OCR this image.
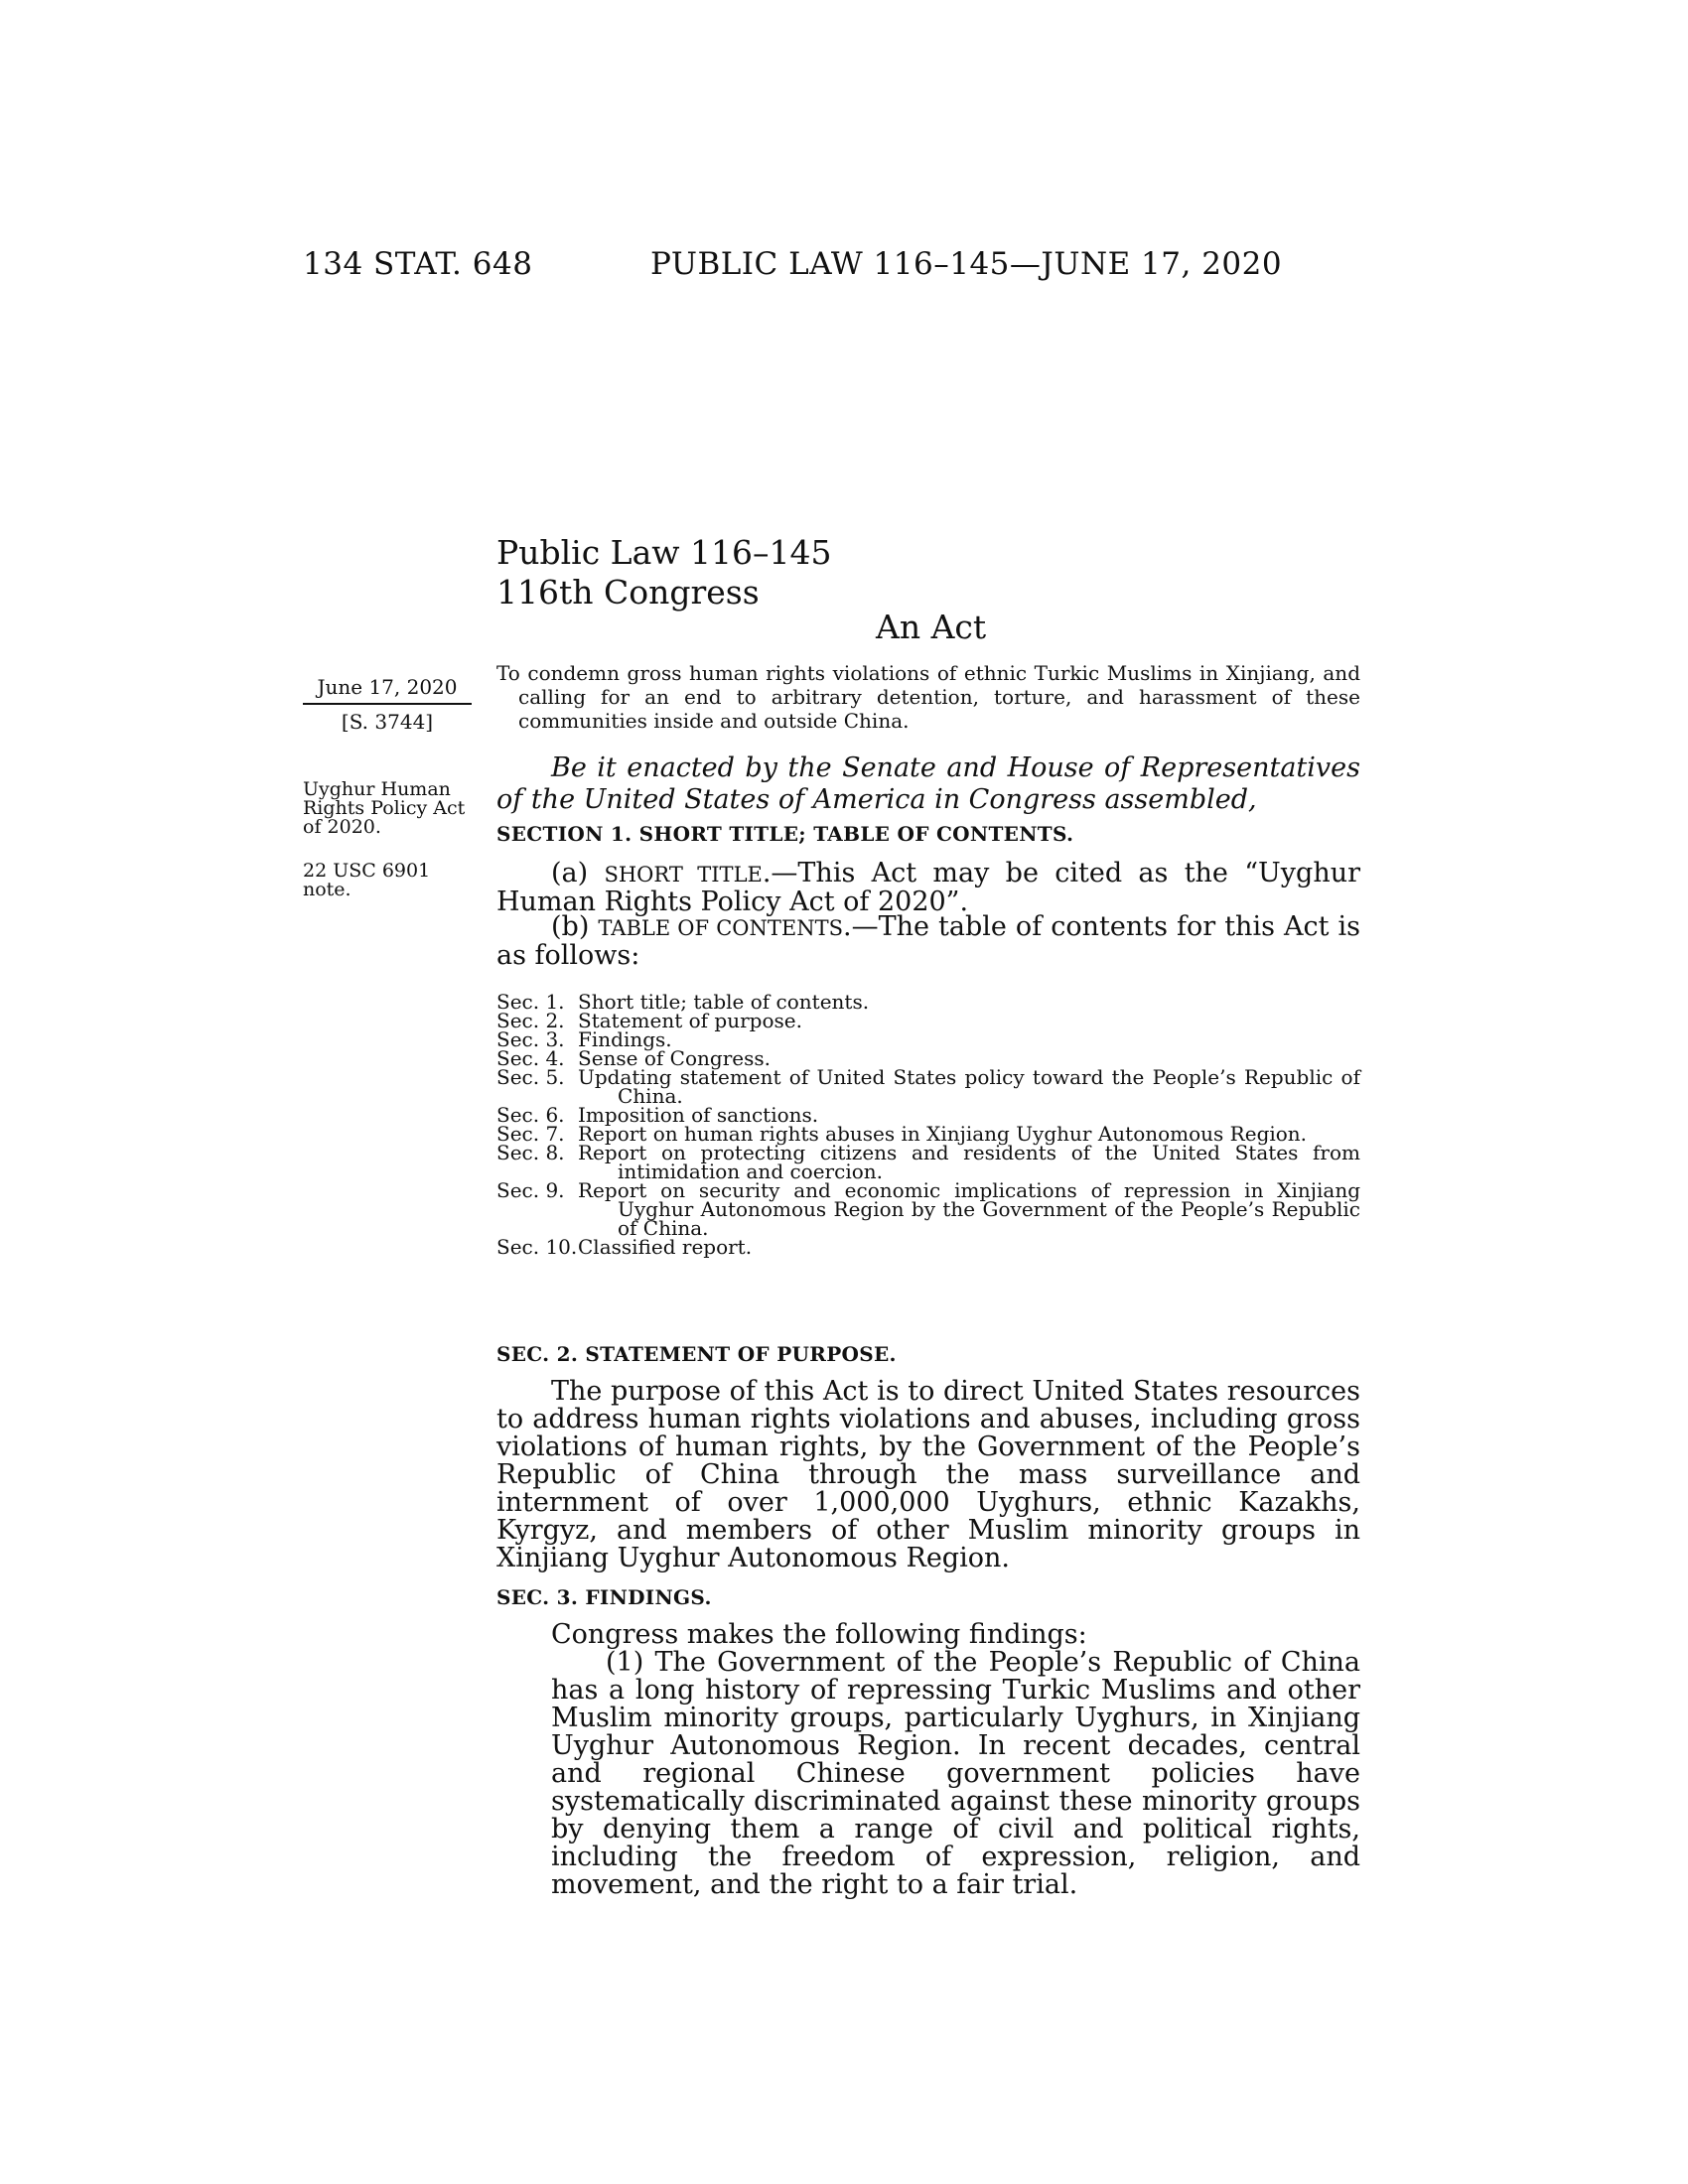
134 STAT. 648	PUBLIC LAW 116–145—JUNE 17, 2020
Public Law 116–145
116th Congress
An Act
June 17, 2020
[S. 3744]
Uyghur Human Rights Policy Act of 2020.
22 USC 6901 note.
To condemn gross human rights violations of ethnic Turkic Muslims in Xinjiang, and calling for an end to arbitrary detention, torture, and harassment of these communities inside and outside China.
Be it enacted by the Senate and House of Representatives of the United States of America in Congress assembled,
SECTION 1. SHORT TITLE; TABLE OF CONTENTS.
(a) SHORT TITLE.—This Act may be cited as the “Uyghur Human Rights Policy Act of 2020”.
(b) TABLE OF CONTENTS.—The table of contents for this Act is as follows:
Sec. 1. Short title; table of contents.
Sec. 2. Statement of purpose.
Sec. 3. Findings.
Sec. 4. Sense of Congress.
Sec. 5. Updating statement of United States policy toward the People’s Republic of China.
Sec. 6. Imposition of sanctions.
Sec. 7. Report on human rights abuses in Xinjiang Uyghur Autonomous Region.
Sec. 8. Report on protecting citizens and residents of the United States from intimidation and coercion.
Sec. 9. Report on security and economic implications of repression in Xinjiang Uyghur Autonomous Region by the Government of the People’s Republic of China.
Sec. 10. Classified report.
SEC. 2. STATEMENT OF PURPOSE.
The purpose of this Act is to direct United States resources to address human rights violations and abuses, including gross violations of human rights, by the Government of the People’s Republic of China through the mass surveillance and internment of over 1,000,000 Uyghurs, ethnic Kazakhs, Kyrgyz, and members of other Muslim minority groups in Xinjiang Uyghur Autonomous Region.
SEC. 3. FINDINGS.
Congress makes the following findings:
(1) The Government of the People’s Republic of China has a long history of repressing Turkic Muslims and other Muslim minority groups, particularly Uyghurs, in Xinjiang Uyghur Autonomous Region. In recent decades, central and regional Chinese government policies have systematically discriminated against these minority groups by denying them a range of civil and political rights, including the freedom of expression, religion, and movement, and the right to a fair trial.
